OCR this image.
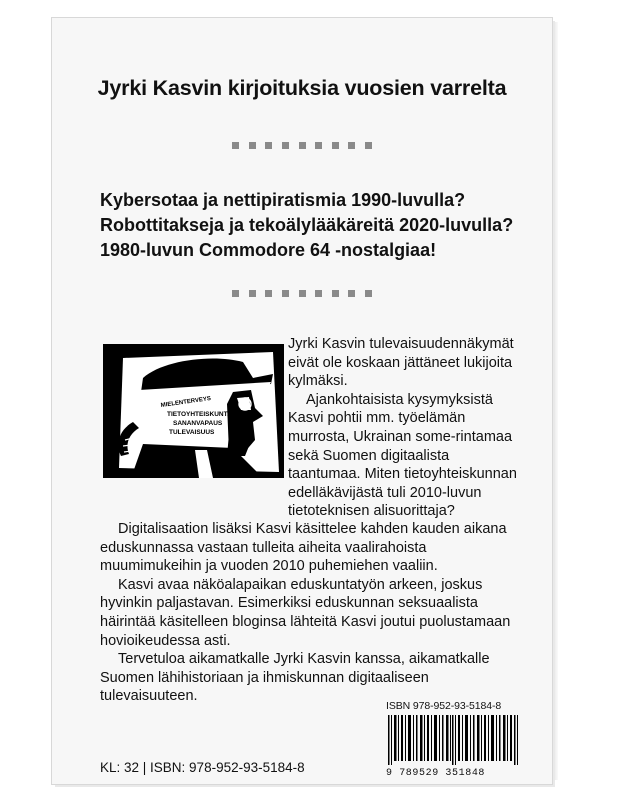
Jyrki Kasvin kirjoituksia vuosien varrelta
Kybersotaa ja nettipiratismia 1990-luvulla?
Robottitakseja ja tekoälylääkäreitä 2020-luvulla?
1980-luvun Commodore 64 -nostalgiaa!
MIELENTERVEYS
TIETOYHTEISKUNTA
SANANVAPAUS
TULEVAISUUS

Jyrki Kasvin tulevaisuudennäkymät eivät ole koskaan jättäneet lukijoita kylmäksi.

Ajankohtaisista kysymyksistä Kasvi pohtii mm. työelämän murrosta, Ukrainan some-rintamaa sekä Suomen digitaalista taantumaa. Miten tietoyhteiskunnan edelläkävijästä tuli 2010-luvun tietoteknisen alisuorittaja?

Digitalisaation lisäksi Kasvi käsittelee kahden kauden aikana eduskunnassa vastaan tulleita aiheita vaalirahoista muumimukeihin ja vuoden 2010 puhemiehen vaaliin.

Kasvi avaa näköalapaikan eduskuntatyön arkeen, joskus hyvinkin paljastavan. Esimerkiksi eduskunnan seksuaalista häirintää käsitelleen bloginsa lähteitä Kasvi joutui puolustamaan hovioikeudessa asti.

Tervetuloa aikamatkalle Jyrki Kasvin kanssa, aikamatkalle Suomen lähihistoriaan ja ihmiskunnan digitaaliseen tulevaisuuteen.

ISBN 978-952-93-5184-8
9 789529 351848
KL: 32 | ISBN: 978-952-93-5184-8
